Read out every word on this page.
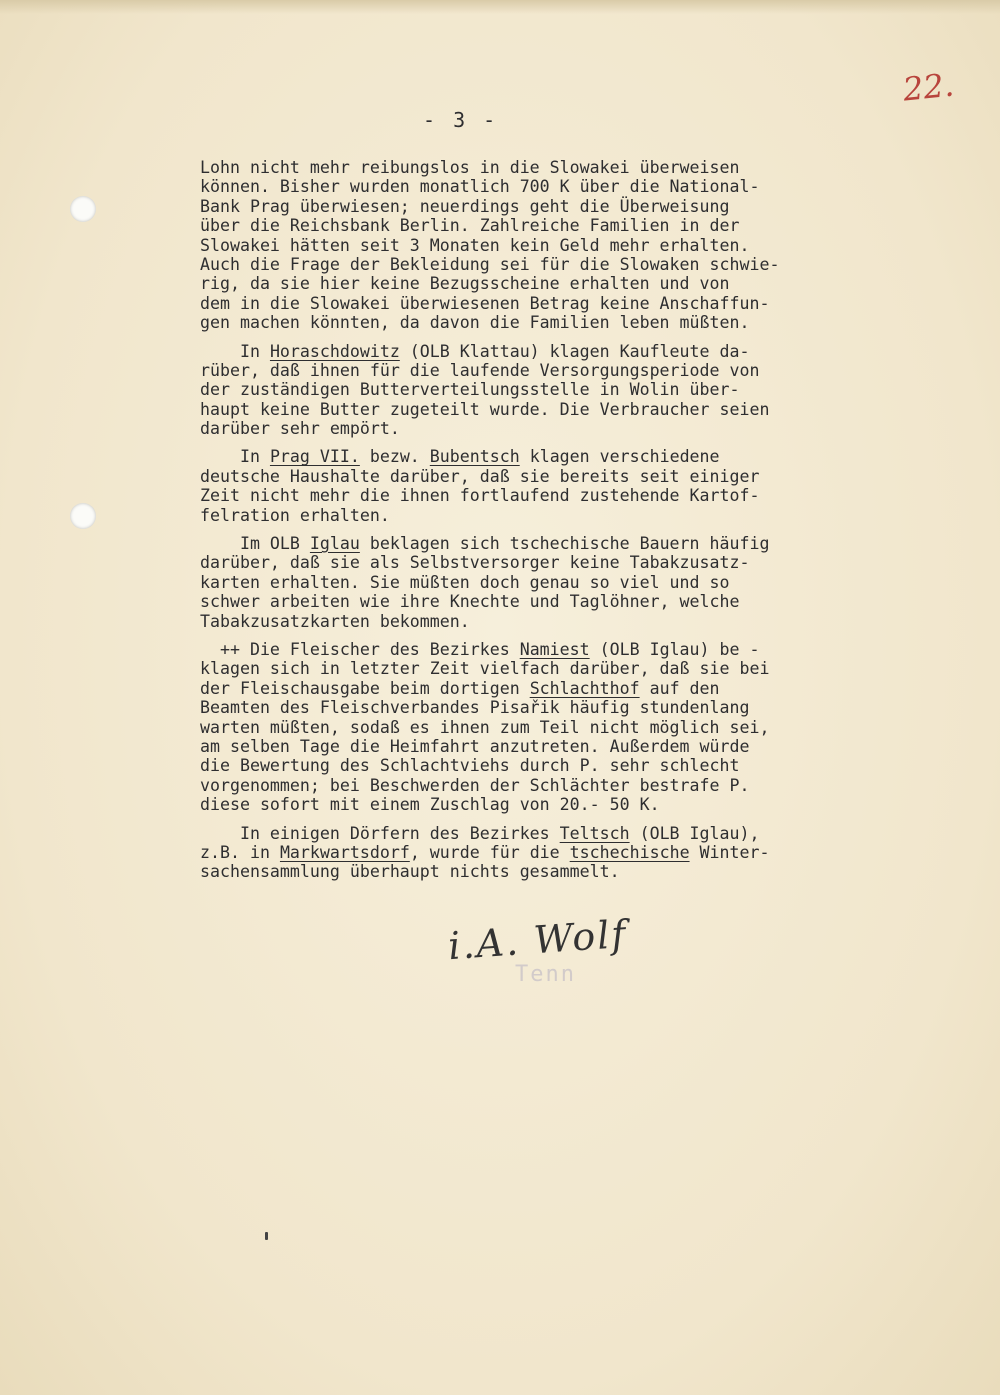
22.
- 3 -
Lohn nicht mehr reibungslos in die Slowakei überweisen
können. Bisher wurden monatlich 700 K über die National-
Bank Prag überwiesen; neuerdings geht die Überweisung
über die Reichsbank Berlin. Zahlreiche Familien in der
Slowakei hätten seit 3 Monaten kein Geld mehr erhalten.
Auch die Frage der Bekleidung sei für die Slowaken schwie-
rig, da sie hier keine Bezugsscheine erhalten und von
dem in die Slowakei überwiesenen Betrag keine Anschaffun-
gen machen könnten, da davon die Familien leben müßten.
In Horaschdowitz (OLB Klattau) klagen Kaufleute da-
rüber, daß ihnen für die laufende Versorgungsperiode von
der zuständigen Butterverteilungsstelle in Wolin über-
haupt keine Butter zugeteilt wurde. Die Verbraucher seien
darüber sehr empört.
In Prag VII. bezw. Bubentsch klagen verschiedene
deutsche Haushalte darüber, daß sie bereits seit einiger
Zeit nicht mehr die ihnen fortlaufend zustehende Kartof-
felration erhalten.
Im OLB Iglau beklagen sich tschechische Bauern häufig
darüber, daß sie als Selbstversorger keine Tabakzusatz-
karten erhalten. Sie müßten doch genau so viel und so
schwer arbeiten wie ihre Knechte und Taglöhner, welche
Tabakzusatzkarten bekommen.
++ Die Fleischer des Bezirkes Namiest (OLB Iglau) be -
klagen sich in letzter Zeit vielfach darüber, daß sie bei
der Fleischausgabe beim dortigen Schlachthof auf den
Beamten des Fleischverbandes Pisařik häufig stundenlang
warten müßten, sodaß es ihnen zum Teil nicht möglich sei,
am selben Tage die Heimfahrt anzutreten. Außerdem würde
die Bewertung des Schlachtviehs durch P. sehr schlecht
vorgenommen; bei Beschwerden der Schlächter bestrafe P.
diese sofort mit einem Zuschlag von 20.- 50 K.
In einigen Dörfern des Bezirkes Teltsch (OLB Iglau),
z.B. in Markwartsdorf, wurde für die tschechische Winter-
sachensammlung überhaupt nichts gesammelt.
i.A. Wolf
Tenn
